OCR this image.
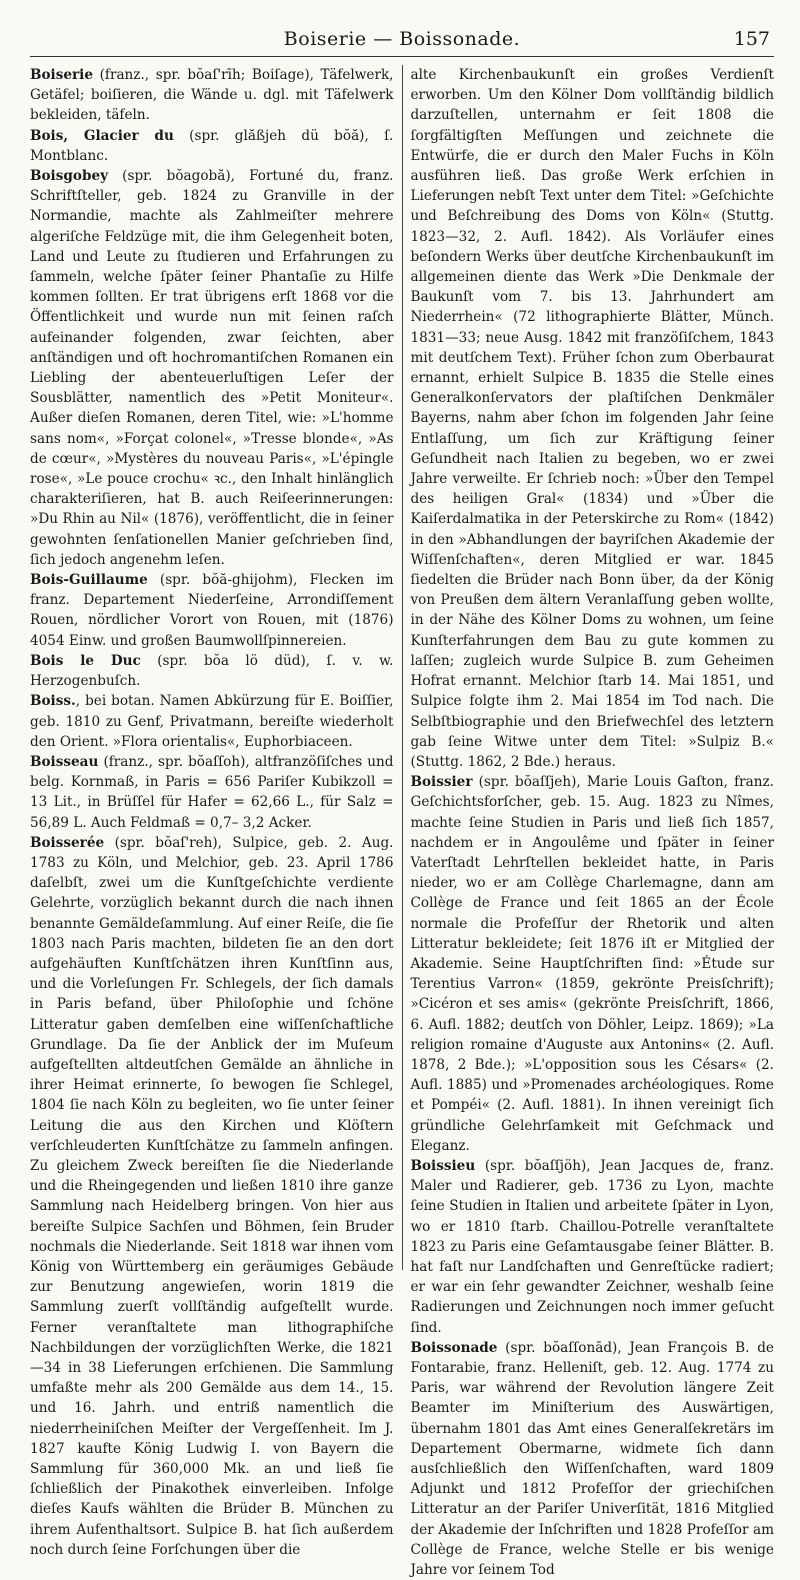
Boiserie — Boissonade.	157

Boiserie (franz., spr. bŏaſ'rīh; Boiſage), Täfelwerk, Getäfel; boiſieren, die Wände u. dgl. mit Täfelwerk bekleiden, täfeln.

Bois, Glacier du (spr. glăßjeh dü bŏă), ſ. Montblanc.

Boisgobey (spr. bŏagobă), Fortuné du, franz. Schriftſteller, geb. 1824 zu Granville in der Normandie, machte als Zahlmeiſter mehrere algeriſche Feldzüge mit, die ihm Gelegenheit boten, Land und Leute zu ſtudieren und Erfahrungen zu ſammeln, welche ſpäter ſeiner Phantaſie zu Hilfe kommen ſollten. Er trat übrigens erſt 1868 vor die Öffentlichkeit und wurde nun mit ſeinen raſch aufeinander folgenden, zwar ſeichten, aber anſtändigen und oft hochromantiſchen Romanen ein Liebling der abenteuerluſtigen Leſer der Sousblätter, namentlich des »Petit Moniteur«. Außer dieſen Romanen, deren Titel, wie: »L'homme sans nom«, »Forçat colonel«, »Tresse blonde«, »As de cœur«, »Mystères du nouveau Paris«, »L'épingle rose«, »Le pouce crochu« ꝛc., den Inhalt hinlänglich charakteriſieren, hat B. auch Reiſeerinnerungen: »Du Rhin au Nil« (1876), veröffentlicht, die in ſeiner gewohnten ſenſationellen Manier geſchrieben ſind, ſich jedoch angenehm leſen.

Bois-Guillaume (spr. bŏă-ghijohm), Flecken im franz. Departement Niederſeine, Arrondiſſement Rouen, nördlicher Vorort von Rouen, mit (1876) 4054 Einw. und großen Baumwollſpinnereien.

Bois le Duc (spr. bŏa lö düd), ſ. v. w. Herzogenbuſch.

Boiss., bei botan. Namen Abkürzung für E. Boiſſier, geb. 1810 zu Genf, Privatmann, bereiſte wiederholt den Orient. »Flora orientalis«, Euphorbiaceen.

Boisseau (franz., spr. bŏaſſoh), altfranzöſiſches und belg. Kornmaß, in Paris = 656 Pariſer Kubikzoll = 13 Lit., in Brüſſel für Hafer = 62,66 L., für Salz = 56,89 L. Auch Feldmaß = 0,7– 3,2 Acker.

Boisserée (spr. bŏaſ'reh), Sulpice, geb. 2. Aug. 1783 zu Köln, und Melchior, geb. 23. April 1786 daſelbſt, zwei um die Kunſtgeſchichte verdiente Gelehrte, vorzüglich bekannt durch die nach ihnen benannte Gemäldeſammlung. Auf einer Reiſe, die ſie 1803 nach Paris machten, bildeten ſie an den dort aufgehäuften Kunſtſchätzen ihren Kunſtſinn aus, und die Vorleſungen Fr. Schlegels, der ſich damals in Paris befand, über Philoſophie und ſchöne Litteratur gaben demſelben eine wiſſenſchaftliche Grundlage. Da ſie der Anblick der im Muſeum aufgeſtellten altdeutſchen Gemälde an ähnliche in ihrer Heimat erinnerte, ſo bewogen ſie Schlegel, 1804 ſie nach Köln zu begleiten, wo ſie unter ſeiner Leitung die aus den Kirchen und Klöſtern verſchleuderten Kunſtſchätze zu ſammeln anfingen. Zu gleichem Zweck bereiſten ſie die Niederlande und die Rheingegenden und ließen 1810 ihre ganze Sammlung nach Heidelberg bringen. Von hier aus bereiſte Sulpice Sachſen und Böhmen, ſein Bruder nochmals die Niederlande. Seit 1818 war ihnen vom König von Württemberg ein geräumiges Gebäude zur Benutzung angewieſen, worin 1819 die Sammlung zuerſt vollſtändig aufgeſtellt wurde. Ferner veranſtaltete man lithographiſche Nachbildungen der vorzüglichſten Werke, die 1821—34 in 38 Lieferungen erſchienen. Die Sammlung umfaßte mehr als 200 Gemälde aus dem 14., 15. und 16. Jahrh. und entriß namentlich die niederrheiniſchen Meiſter der Vergeſſenheit. Im J. 1827 kaufte König Ludwig I. von Bayern die Sammlung für 360,000 Mk. an und ließ ſie ſchließlich der Pinakothek einverleiben. Infolge dieſes Kaufs wählten die Brüder B. München zu ihrem Aufenthaltsort. Sulpice B. hat ſich außerdem noch durch ſeine Forſchungen über die

alte Kirchenbaukunſt ein großes Verdienſt erworben. Um den Kölner Dom vollſtändig bildlich darzuſtellen, unternahm er ſeit 1808 die ſorgfältigſten Meſſungen und zeichnete die Entwürfe, die er durch den Maler Fuchs in Köln ausführen ließ. Das große Werk erſchien in Lieferungen nebſt Text unter dem Titel: »Geſchichte und Beſchreibung des Doms von Köln« (Stuttg. 1823—32, 2. Aufl. 1842). Als Vorläufer eines beſondern Werks über deutſche Kirchenbaukunſt im allgemeinen diente das Werk »Die Denkmale der Baukunſt vom 7. bis 13. Jahrhundert am Niederrhein« (72 lithographierte Blätter, Münch. 1831—33; neue Ausg. 1842 mit franzöſiſchem, 1843 mit deutſchem Text). Früher ſchon zum Oberbaurat ernannt, erhielt Sulpice B. 1835 die Stelle eines Generalkonſervators der plaſtiſchen Denkmäler Bayerns, nahm aber ſchon im folgenden Jahr ſeine Entlaſſung, um ſich zur Kräftigung ſeiner Geſundheit nach Italien zu begeben, wo er zwei Jahre verweilte. Er ſchrieb noch: »Über den Tempel des heiligen Gral« (1834) und »Über die Kaiſerdalmatika in der Peterskirche zu Rom« (1842) in den »Abhandlungen der bayriſchen Akademie der Wiſſenſchaften«, deren Mitglied er war. 1845 ſiedelten die Brüder nach Bonn über, da der König von Preußen dem ältern Veranlaſſung geben wollte, in der Nähe des Kölner Doms zu wohnen, um ſeine Kunſterfahrungen dem Bau zu gute kommen zu laſſen; zugleich wurde Sulpice B. zum Geheimen Hofrat ernannt. Melchior ſtarb 14. Mai 1851, und Sulpice folgte ihm 2. Mai 1854 im Tod nach. Die Selbſtbiographie und den Briefwechſel des letztern gab ſeine Witwe unter dem Titel: »Sulpiz B.« (Stuttg. 1862, 2 Bde.) heraus.

Boissier (spr. bŏaſſjeh), Marie Louis Gaſton, franz. Geſchichtsforſcher, geb. 15. Aug. 1823 zu Nîmes, machte ſeine Studien in Paris und ließ ſich 1857, nachdem er in Angoulême und ſpäter in ſeiner Vaterſtadt Lehrſtellen bekleidet hatte, in Paris nieder, wo er am Collège Charlemagne, dann am Collège de France und ſeit 1865 an der École normale die Profeſſur der Rhetorik und alten Litteratur bekleidete; ſeit 1876 iſt er Mitglied der Akademie. Seine Hauptſchriften ſind: »Étude sur Terentius Varron« (1859, gekrönte Preisſchrift); »Cicéron et ses amis« (gekrönte Preisſchrift, 1866, 6. Aufl. 1882; deutſch von Döhler, Leipz. 1869); »La religion romaine d'Auguste aux Antonins« (2. Aufl. 1878, 2 Bde.); »L'opposition sous les Césars« (2. Aufl. 1885) und »Promenades archéologiques. Rome et Pompéi« (2. Aufl. 1881). In ihnen vereinigt ſich gründliche Gelehrſamkeit mit Geſchmack und Eleganz.

Boissieu (spr. bŏaſſjöh), Jean Jacques de, franz. Maler und Radierer, geb. 1736 zu Lyon, machte ſeine Studien in Italien und arbeitete ſpäter in Lyon, wo er 1810 ſtarb. Chaillou-Potrelle veranſtaltete 1823 zu Paris eine Geſamtausgabe ſeiner Blätter. B. hat faſt nur Landſchaften und Genreſtücke radiert; er war ein ſehr gewandter Zeichner, weshalb ſeine Radierungen und Zeichnungen noch immer geſucht ſind.

Boissonade (spr. bŏaſſonād), Jean François B. de Fontarabie, franz. Helleniſt, geb. 12. Aug. 1774 zu Paris, war während der Revolution längere Zeit Beamter im Miniſterium des Auswärtigen, übernahm 1801 das Amt eines Generalſekretärs im Departement Obermarne, widmete ſich dann ausſchließlich den Wiſſenſchaften, ward 1809 Adjunkt und 1812 Profeſſor der griechiſchen Litteratur an der Pariſer Univerſität, 1816 Mitglied der Akademie der Inſchriften und 1828 Profeſſor am Collège de France, welche Stelle er bis wenige Jahre vor ſeinem Tod
